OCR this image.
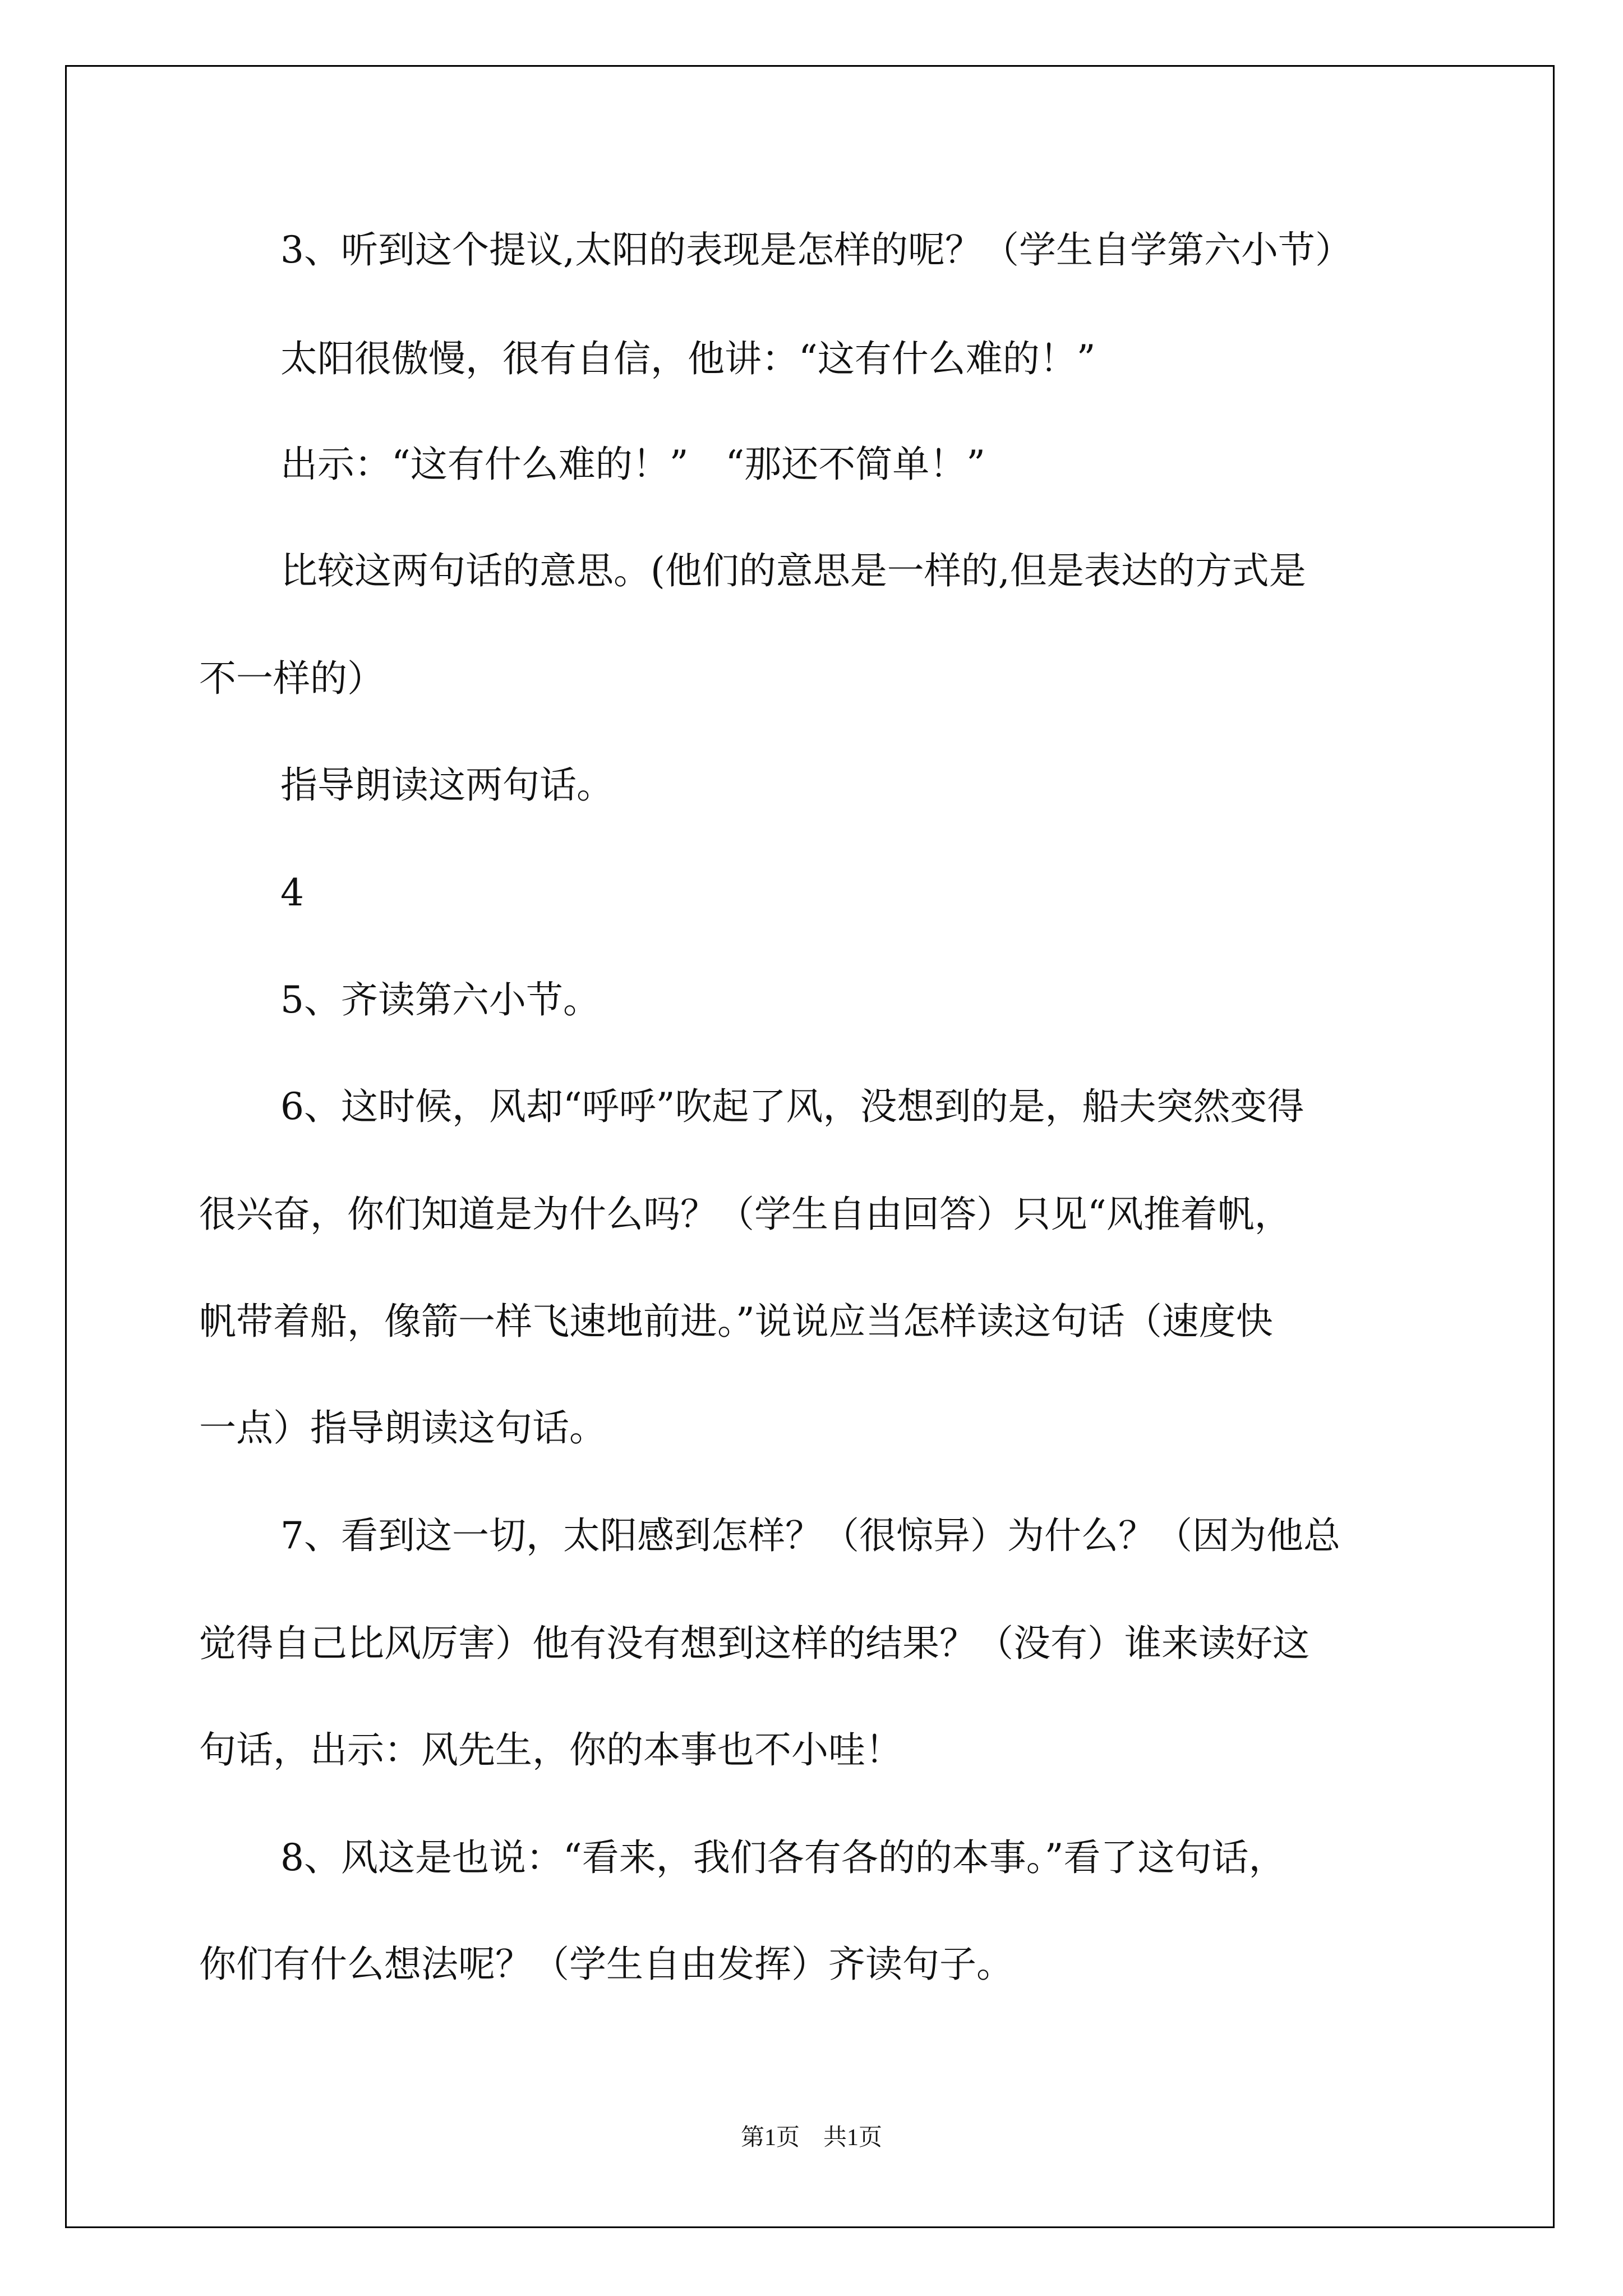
3、听到这个提议,太阳的表现是怎样的呢？（学生自学第六小节）
太阳很傲慢，很有自信，他讲：“这有什么难的！”
出示：“这有什么难的！”　“那还不简单！”
比较这两句话的意思。(他们的意思是一样的,但是表达的方式是
不一样的）
指导朗读这两句话。
4
5、齐读第六小节。
6、这时候，风却“呼呼”吹起了风，没想到的是，船夫突然变得
很兴奋，你们知道是为什么吗？（学生自由回答）只见“风推着帆，
帆带着船，像箭一样飞速地前进。”说说应当怎样读这句话（速度快
一点）指导朗读这句话。
7、看到这一切，太阳感到怎样？（很惊异）为什么？（因为他总
觉得自己比风厉害）他有没有想到这样的结果？（没有）谁来读好这
句话，出示：风先生，你的本事也不小哇！
8、风这是也说：“看来，我们各有各的的本事。”看了这句话，
你们有什么想法呢？（学生自由发挥）齐读句子。
第1页　共1页
